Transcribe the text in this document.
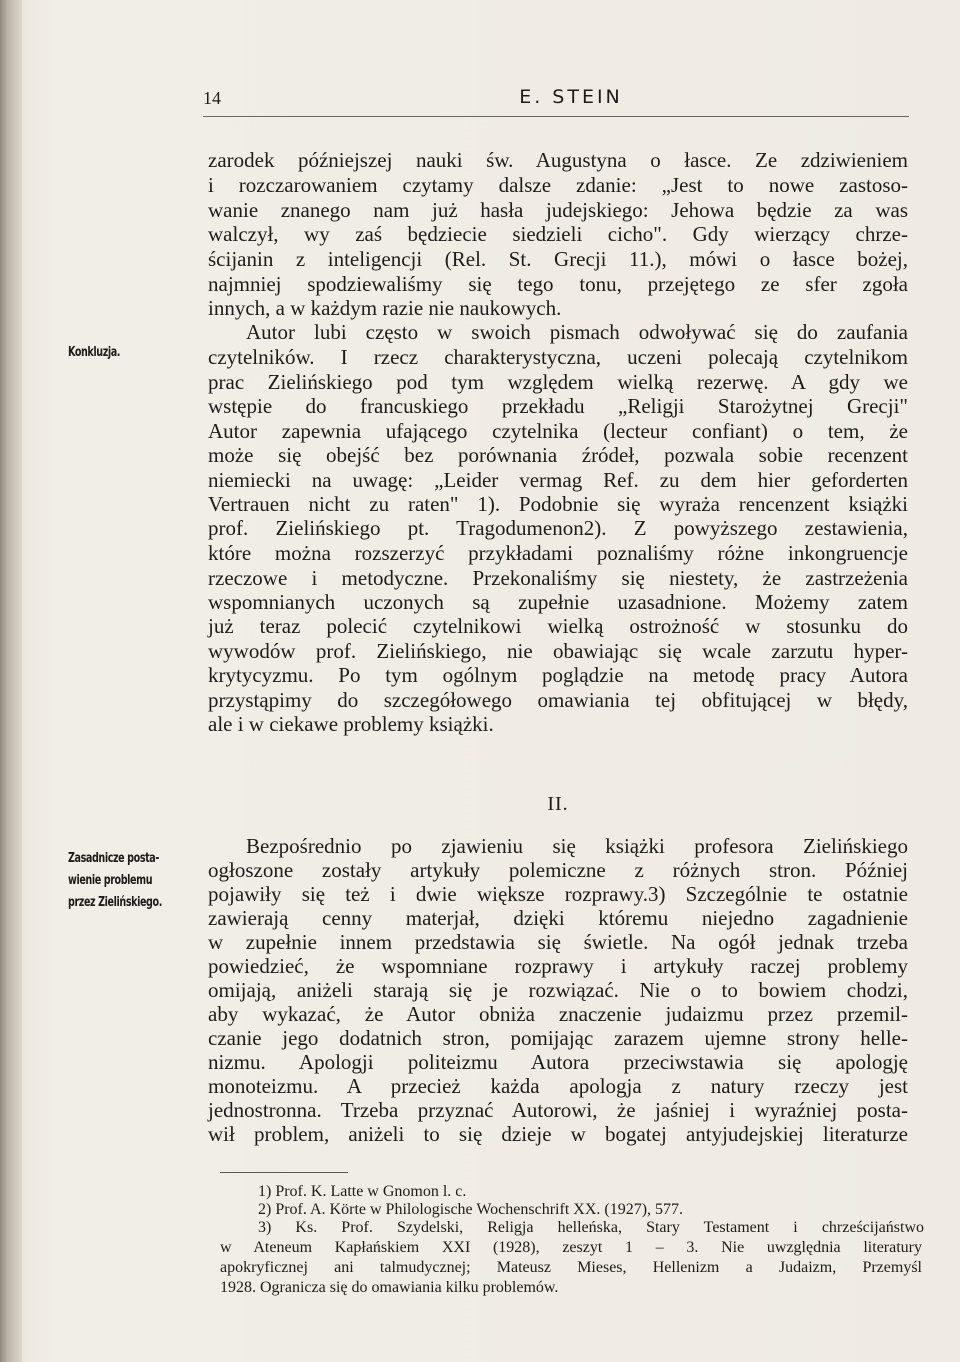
14	E. STEIN
Konkluzja.
Zasadnicze posta-
wienie problemu
przez Zielińskiego.
zarodek późniejszej nauki św. Augustyna o łasce. Ze zdziwieniem
i rozczarowaniem czytamy dalsze zdanie: „Jest to nowe zastoso-
wanie znanego nam już hasła judejskiego: Jehowa będzie za was
walczył, wy zaś będziecie siedzieli cicho". Gdy wierzący chrze-
ścijanin z inteligencji (Rel. St. Grecji 11.), mówi o łasce bożej,
najmniej spodziewaliśmy się tego tonu, przejętego ze sfer zgoła
innych, a w każdym razie nie naukowych.
Autor lubi często w swoich pismach odwoływać się do zaufania
czytelników. I rzecz charakterystyczna, uczeni polecają czytelnikom
prac Zielińskiego pod tym względem wielką rezerwę. A gdy we
wstępie do francuskiego przekładu „Religji Starożytnej Grecji"
Autor zapewnia ufającego czytelnika (lecteur confiant) o tem, że
może się obejść bez porównania źródeł, pozwala sobie recenzent
niemiecki na uwagę: „Leider vermag Ref. zu dem hier geforderten
Vertrauen nicht zu raten" 1). Podobnie się wyraża rencenzent książki
prof. Zielińskiego pt. Tragodumenon2). Z powyższego zestawienia,
które można rozszerzyć przykładami poznaliśmy różne inkongruencje
rzeczowe i metodyczne. Przekonaliśmy się niestety, że zastrzeżenia
wspomnianych uczonych są zupełnie uzasadnione. Możemy zatem
już teraz polecić czytelnikowi wielką ostrożność w stosunku do
wywodów prof. Zielińskiego, nie obawiając się wcale zarzutu hyper-
krytycyzmu. Po tym ogólnym poglądzie na metodę pracy Autora
przystąpimy do szczegółowego omawiania tej obfitującej w błędy,
ale i w ciekawe problemy książki.
II.
Bezpośrednio po zjawieniu się książki profesora Zielińskiego
ogłoszone zostały artykuły polemiczne z różnych stron. Później
pojawiły się też i dwie większe rozprawy.3) Szczególnie te ostatnie
zawierają cenny materjał, dzięki któremu niejedno zagadnienie
w zupełnie innem przedstawia się świetle. Na ogół jednak trzeba
powiedzieć, że wspomniane rozprawy i artykuły raczej problemy
omijają, aniżeli starają się je rozwiązać. Nie o to bowiem chodzi,
aby wykazać, że Autor obniża znaczenie judaizmu przez przemil-
czanie jego dodatnich stron, pomijając zarazem ujemne strony helle-
nizmu. Apologji politeizmu Autora przeciwstawia się apologję
monoteizmu. A przecież każda apologja z natury rzeczy jest
jednostronna. Trzeba przyznać Autorowi, że jaśniej i wyraźniej posta-
wił problem, aniżeli to się dzieje w bogatej antyjudejskiej literaturze
1) Prof. K. Latte w Gnomon l. c.
2) Prof. A. Körte w Philologische Wochenschrift XX. (1927), 577.
3) Ks. Prof. Szydelski, Religja helleńska, Stary Testament i chrześcijaństwo
w Ateneum Kapłańskiem XXI (1928), zeszyt 1 – 3. Nie uwzględnia literatury
apokryficznej ani talmudycznej; Mateusz Mieses, Hellenizm a Judaizm, Przemyśl
1928. Ogranicza się do omawiania kilku problemów.
